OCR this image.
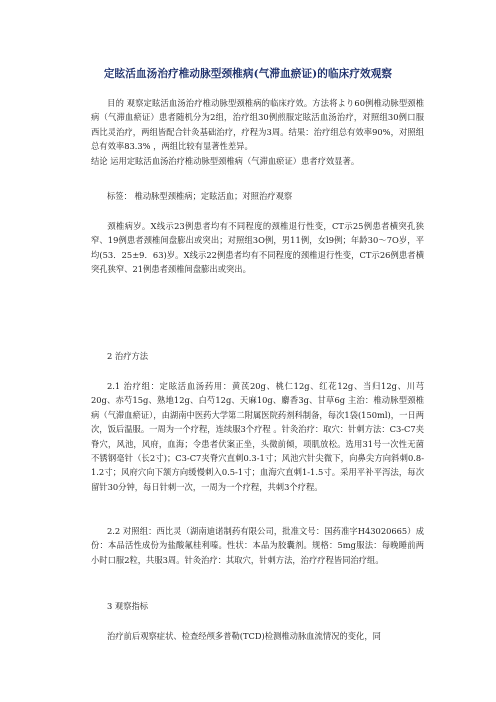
定眩活血汤治疗椎动脉型颈椎病(气滞血瘀证)的临床疗效观察

目的 观察定眩活血汤治疗椎动脉型颈椎病的临床疗效。方法将より60例椎动脉型颈椎病（气滞血瘀证）患者随机分为2组，治疗组30例煎服定眩活血汤治疗，对照组30例口服西比灵治疗，两组皆配合针灸基础治疗，疗程为3周。结果：治疗组总有效率90%，对照组总有效率83.3% ，两组比较有显著性差异。

结论 运用定眩活血汤治疗椎动脉型颈椎病（气滞血瘀证）患者疗效显著。

标签： 椎动脉型颈椎病；定眩活血；对照治疗观察

颈椎病岁。X线示23例患者均有不同程度的颈椎退行性变，CT示25例患者横突孔狭窄、19例患者颈椎间盘膨出或突出；对照组3O例，男11例，女l9例；年龄30～7O岁，平均(53．25±9．63)岁。X线示22例患者均有不同程度的颈椎退行性变，CT示26例患者横突孔狭窄、21例患者颈椎间盘膨出或突出。

2 治疗方法

2.1 治疗组：定眩活血汤药用：黄芪20g、桃仁12g、红花12g、当归12g、川芎20g、赤芍15g、熟地12g、白芍12g、天麻10g、麝香3g、甘草6g 主治：椎动脉型颈椎病（气滞血瘀证），由湖南中医药大学第二附属医院药剂科制备，每次1袋(150ml)，一日两次，饭后温服。一周为一个疗程，连续服3个疗程 。针灸治疗：取穴：针刺方法：C3-C7夹脊穴，风池，风府，血海；令患者伏案正坐，头微前倾，项肌放松。选用31号一次性无菌不锈钢毫针（长2寸)；C3-C7夹脊穴直刺0.3-1寸；风池穴针尖微下，向鼻尖方向斜刺0.8-1.2寸；风府穴向下颔方向缓慢刺入0.5-1寸；血海穴直刺1-1.5寸。采用平补平泻法，每次留针30分钟，每日针刺一次，一周为一个疗程，共刺3个疗程。

2.2 对照组：西比灵（湖南迪诺制药有限公司，批准文号：国药准字H43020665）成份：本品活性成份为盐酸氟桂利嗪。性状：本品为胶囊剂。规格：5mg服法：每晚睡前两小时口服2粒，共服3周。针灸治疗：其取穴，针刺方法，治疗疗程皆同治疗组。

3 观察指标

治疗前后观察症状、检查经颅多普勒(TCD)检测椎动脉血流情况的变化，同
